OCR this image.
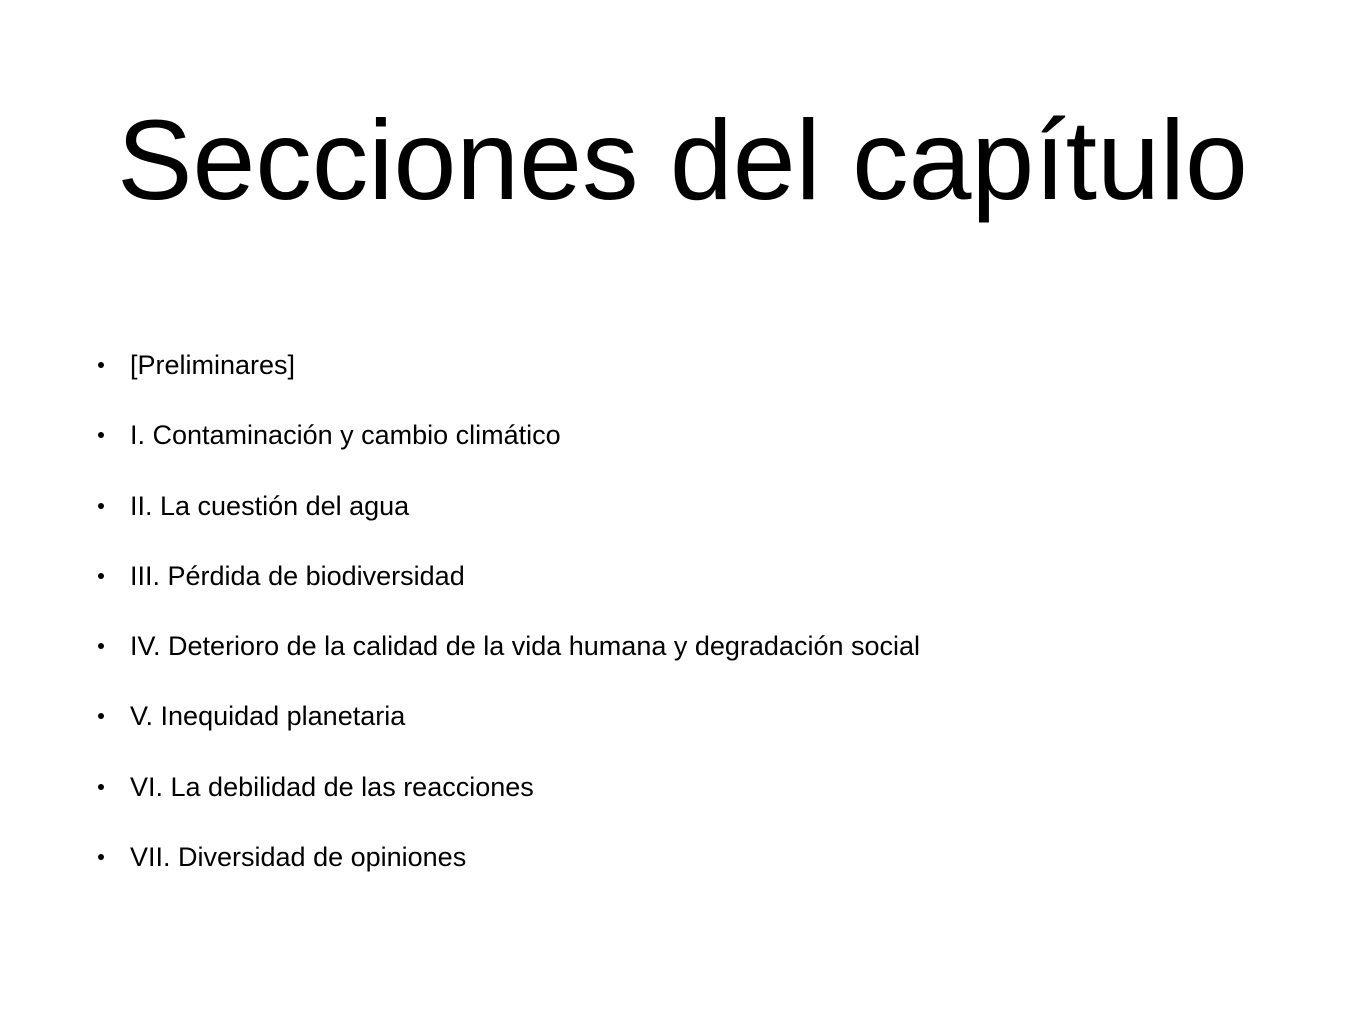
Secciones del capítulo
[Preliminares]
I. Contaminación y cambio climático
II. La cuestión del agua
III. Pérdida de biodiversidad
IV. Deterioro de la calidad de la vida humana y degradación social
V. Inequidad planetaria
VI. La debilidad de las reacciones
VII. Diversidad de opiniones
